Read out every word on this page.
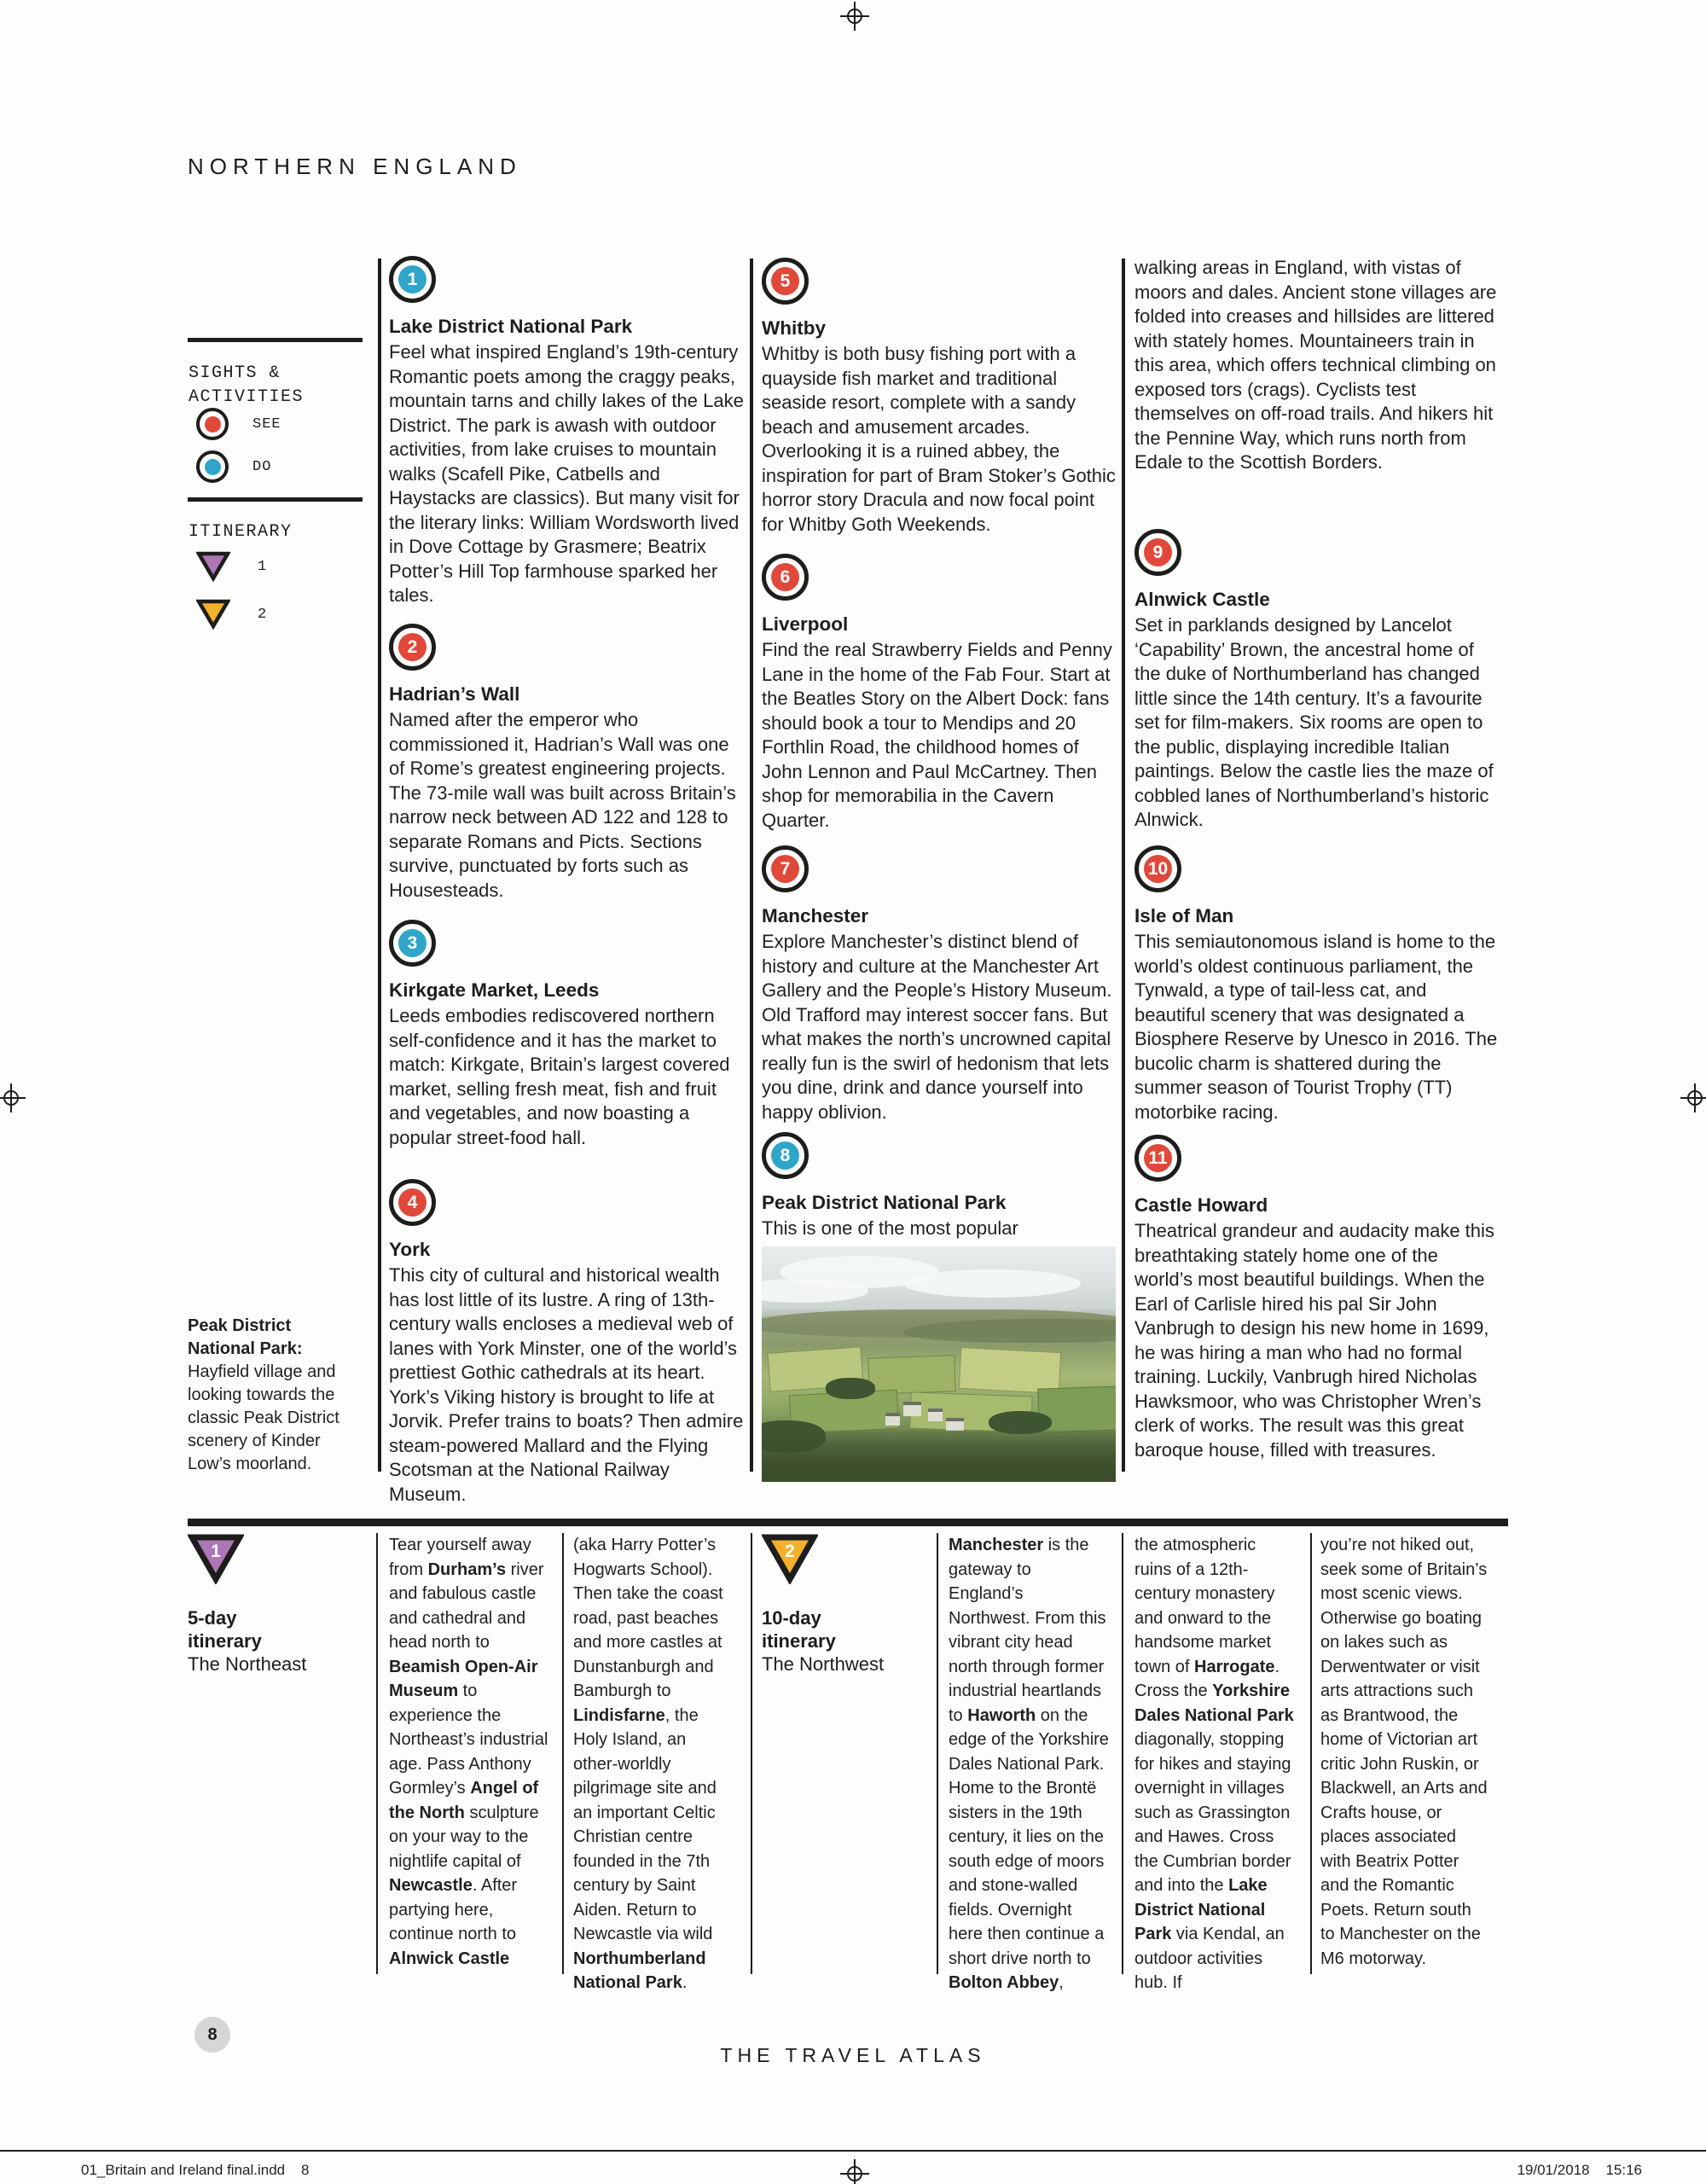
NORTHERN ENGLAND
SIGHTS & ACTIVITIES
SEE
DO
ITINERARY
1
2

Peak District National Park:

Hayfield village and looking towards the classic Peak District scenery of Kinder Low’s moorland.

1
Lake District National Park

Feel what inspired England’s 19th-century Romantic poets among the craggy peaks, mountain tarns and chilly lakes of the Lake District. The park is awash with outdoor activities, from lake cruises to mountain walks (Scafell Pike, Catbells and Haystacks are classics). But many visit for the literary links: William Wordsworth lived in Dove Cottage by Grasmere; Beatrix Potter’s Hill Top farmhouse sparked her tales.

2
Hadrian’s Wall

Named after the emperor who commissioned it, Hadrian’s Wall was one of Rome’s greatest engineering projects. The 73-mile wall was built across Britain’s narrow neck between AD 122 and 128 to separate Romans and Picts. Sections survive, punctuated by forts such as Housesteads.

3
Kirkgate Market, Leeds

Leeds embodies rediscovered northern self-confidence and it has the market to match: Kirkgate, Britain’s largest covered market, selling fresh meat, fish and fruit and vegetables, and now boasting a popular street-food hall.

4
York

This city of cultural and historical wealth has lost little of its lustre. A ring of 13th-century walls encloses a medieval web of lanes with York Minster, one of the world’s prettiest Gothic cathedrals at its heart. York’s Viking history is brought to life at Jorvik. Prefer trains to boats? Then admire steam-powered Mallard and the Flying Scotsman at the National Railway Museum.

5
Whitby

Whitby is both busy fishing port with a quayside fish market and traditional seaside resort, complete with a sandy beach and amusement arcades. Overlooking it is a ruined abbey, the inspiration for part of Bram Stoker’s Gothic horror story Dracula and now focal point for Whitby Goth Weekends.

6
Liverpool

Find the real Strawberry Fields and Penny Lane in the home of the Fab Four. Start at the Beatles Story on the Albert Dock: fans should book a tour to Mendips and 20 Forthlin Road, the childhood homes of John Lennon and Paul McCartney. Then shop for memorabilia in the Cavern Quarter.

7
Manchester

Explore Manchester’s distinct blend of history and culture at the Manchester Art Gallery and the People’s History Museum. Old Trafford may interest soccer fans. But what makes the north’s uncrowned capital really fun is the swirl of hedonism that lets you dine, drink and dance yourself into happy oblivion.

8
Peak District National Park

This is one of the most popular

walking areas in England, with vistas of moors and dales. Ancient stone villages are folded into creases and hillsides are littered with stately homes. Mountaineers train in this area, which offers technical climbing on exposed tors (crags). Cyclists test themselves on off-road trails. And hikers hit the Pennine Way, which runs north from Edale to the Scottish Borders.

9
Alnwick Castle

Set in parklands designed by Lancelot ‘Capability’ Brown, the ancestral home of the duke of Northumberland has changed little since the 14th century. It’s a favourite set for film-makers. Six rooms are open to the public, displaying incredible Italian paintings. Below the castle lies the maze of cobbled lanes of Northumberland’s historic Alnwick.

10
Isle of Man

This semiautonomous island is home to the world’s oldest continuous parliament, the Tynwald, a type of tail-less cat, and beautiful scenery that was designated a Biosphere Reserve by Unesco in 2016. The bucolic charm is shattered during the summer season of Tourist Trophy (TT) motorbike racing.

11
Castle Howard

Theatrical grandeur and audacity make this breathtaking stately home one of the world’s most beautiful buildings. When the Earl of Carlisle hired his pal Sir John Vanbrugh to design his new home in 1699, he was hiring a man who had no formal training. Luckily, Vanbrugh hired Nicholas Hawksmoor, who was Christopher Wren’s clerk of works. The result was this great baroque house, filled with treasures.

1
5-day
itinerary
The Northeast

Tear yourself away from Durham’s river and fabulous castle and cathedral and head north to Beamish Open-Air Museum to experience the Northeast’s industrial age. Pass Anthony Gormley’s Angel of the North sculpture on your way to the nightlife capital of Newcastle. After partying here, continue north to Alnwick Castle

(aka Harry Potter’s Hogwarts School). Then take the coast road, past beaches and more castles at Dunstanburgh and Bamburgh to Lindisfarne, the Holy Island, an other-worldly pilgrimage site and an important Celtic Christian centre founded in the 7th century by Saint Aiden. Return to Newcastle via wild Northumberland National Park.

2
10-day
itinerary
The Northwest

Manchester is the gateway to England’s Northwest. From this vibrant city head north through former industrial heartlands to Haworth on the edge of the Yorkshire Dales National Park. Home to the Brontë sisters in the 19th century, it lies on the south edge of moors and stone-walled fields. Overnight here then continue a short drive north to Bolton Abbey,

the atmospheric ruins of a 12th-century monastery and onward to the handsome market town of Harrogate. Cross the Yorkshire Dales National Park diagonally, stopping for hikes and staying overnight in villages such as Grassington and Hawes. Cross the Cumbrian border and into the Lake District National Park via Kendal, an outdoor activities hub. If

you’re not hiked out, seek some of Britain’s most scenic views. Otherwise go boating on lakes such as Derwentwater or visit arts attractions such as Brantwood, the home of Victorian art critic John Ruskin, or Blackwell, an Arts and Crafts house, or places associated with Beatrix Potter and the Romantic Poets. Return south to Manchester on the M6 motorway.

8
THE TRAVEL ATLAS
01_Britain and Ireland final.indd    8	19/01/2018    15:16
